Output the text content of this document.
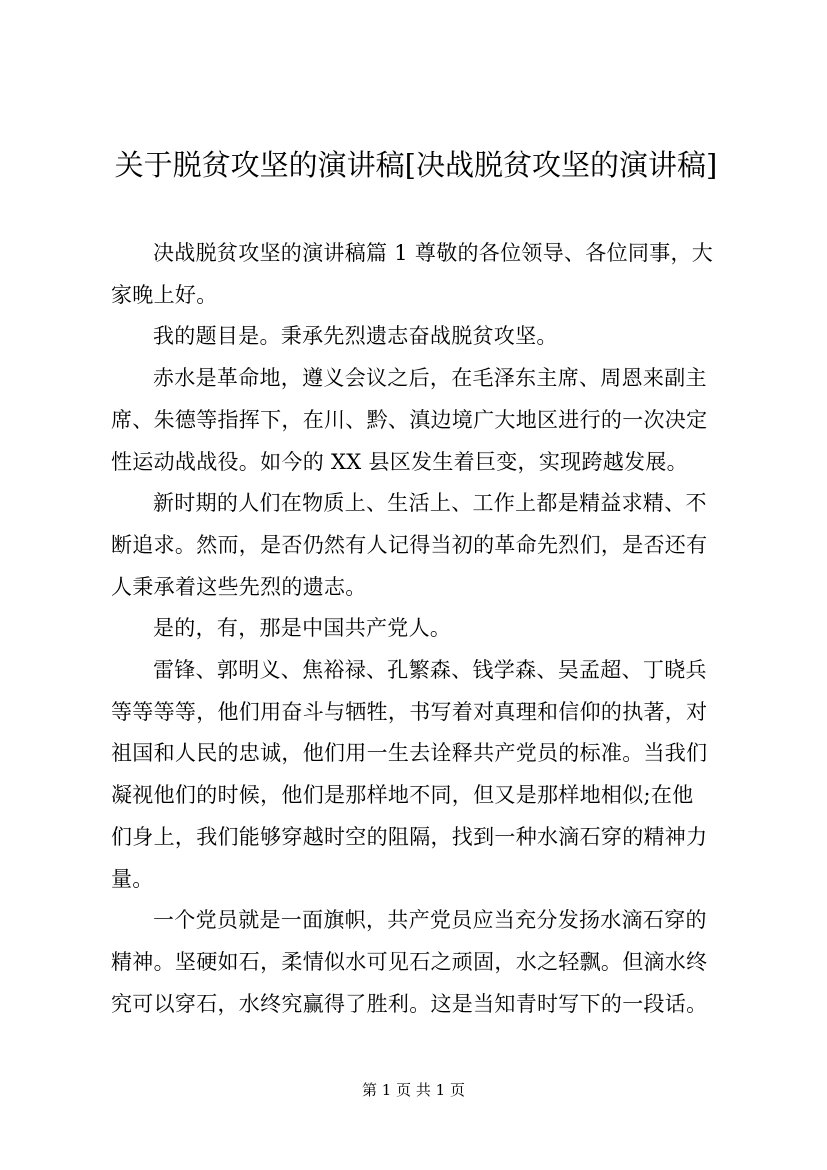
关于脱贫攻坚的演讲稿[决战脱贫攻坚的演讲稿]

决战脱贫攻坚的演讲稿篇 1 尊敬的各位领导、各位同事，大
家晚上好。

我的题目是。秉承先烈遗志奋战脱贫攻坚。

赤水是革命地，遵义会议之后，在毛泽东主席、周恩来副主
席、朱德等指挥下，在川、黔、滇边境广大地区进行的一次决定
性运动战战役。如今的 XX 县区发生着巨变，实现跨越发展。

新时期的人们在物质上、生活上、工作上都是精益求精、不
断追求。然而，是否仍然有人记得当初的革命先烈们，是否还有
人秉承着这些先烈的遗志。

是的，有，那是中国共产党人。

雷锋、郭明义、焦裕禄、孔繁森、钱学森、吴孟超、丁晓兵
等等等等，他们用奋斗与牺牲，书写着对真理和信仰的执著，对
祖国和人民的忠诚，他们用一生去诠释共产党员的标准。当我们
凝视他们的时候，他们是那样地不同，但又是那样地相似;在他
们身上，我们能够穿越时空的阻隔，找到一种水滴石穿的精神力
量。

一个党员就是一面旗帜，共产党员应当充分发扬水滴石穿的
精神。坚硬如石，柔情似水可见石之顽固，水之轻飘。但滴水终
究可以穿石，水终究赢得了胜利。这是当知青时写下的一段话。

第 1 页 共 1 页
